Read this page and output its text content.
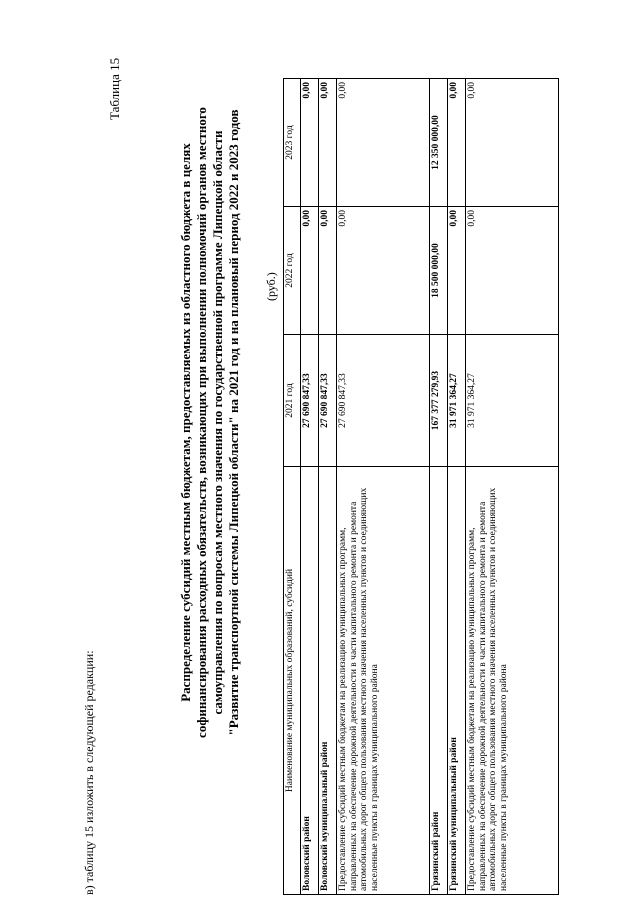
в) таблицу 15 изложить в следующей редакции:
Таблица 15
Распределение субсидий местным бюджетам, предоставляемых из областного бюджета в целях софинансирования расходных обязательств, возникающих при выполнении полномочий органов местного самоуправления по вопросам местного значения по государственной программе Липецкой области "Развитие транспортной системы Липецкой области" на 2021 год и на плановый период 2022 и 2023 годов (руб.)
Наименование муниципальных образований, субсидий	2021 год	2022 год	2023 год
Воловский район	27 690 847,33	0,00	0,00
Воловский муниципальный район	27 690 847,33	0,00	0,00
Предоставление субсидий местным бюджетам на реализацию муниципальных программ, направленных на обеспечение дорожной деятельности в части капитального ремонта и ремонта автомобильных дорог общего пользования местного значения населенных пунктов и соединяющих населенные пункты в границах муниципального района	27 690 847,33	0,00	0,00
Грязинский район	167 377 279,93	18 500 000,00	12 350 000,00
Грязинский муниципальный район	31 971 364,27	0,00	0,00
Предоставление субсидий местным бюджетам на реализацию муниципальных программ, направленных на обеспечение дорожной деятельности в части капитального ремонта и ремонта автомобильных дорог общего пользования местного значения населенных пунктов и соединяющих населенные пункты в границах муниципального района	31 971 364,27	0,00	0,00
